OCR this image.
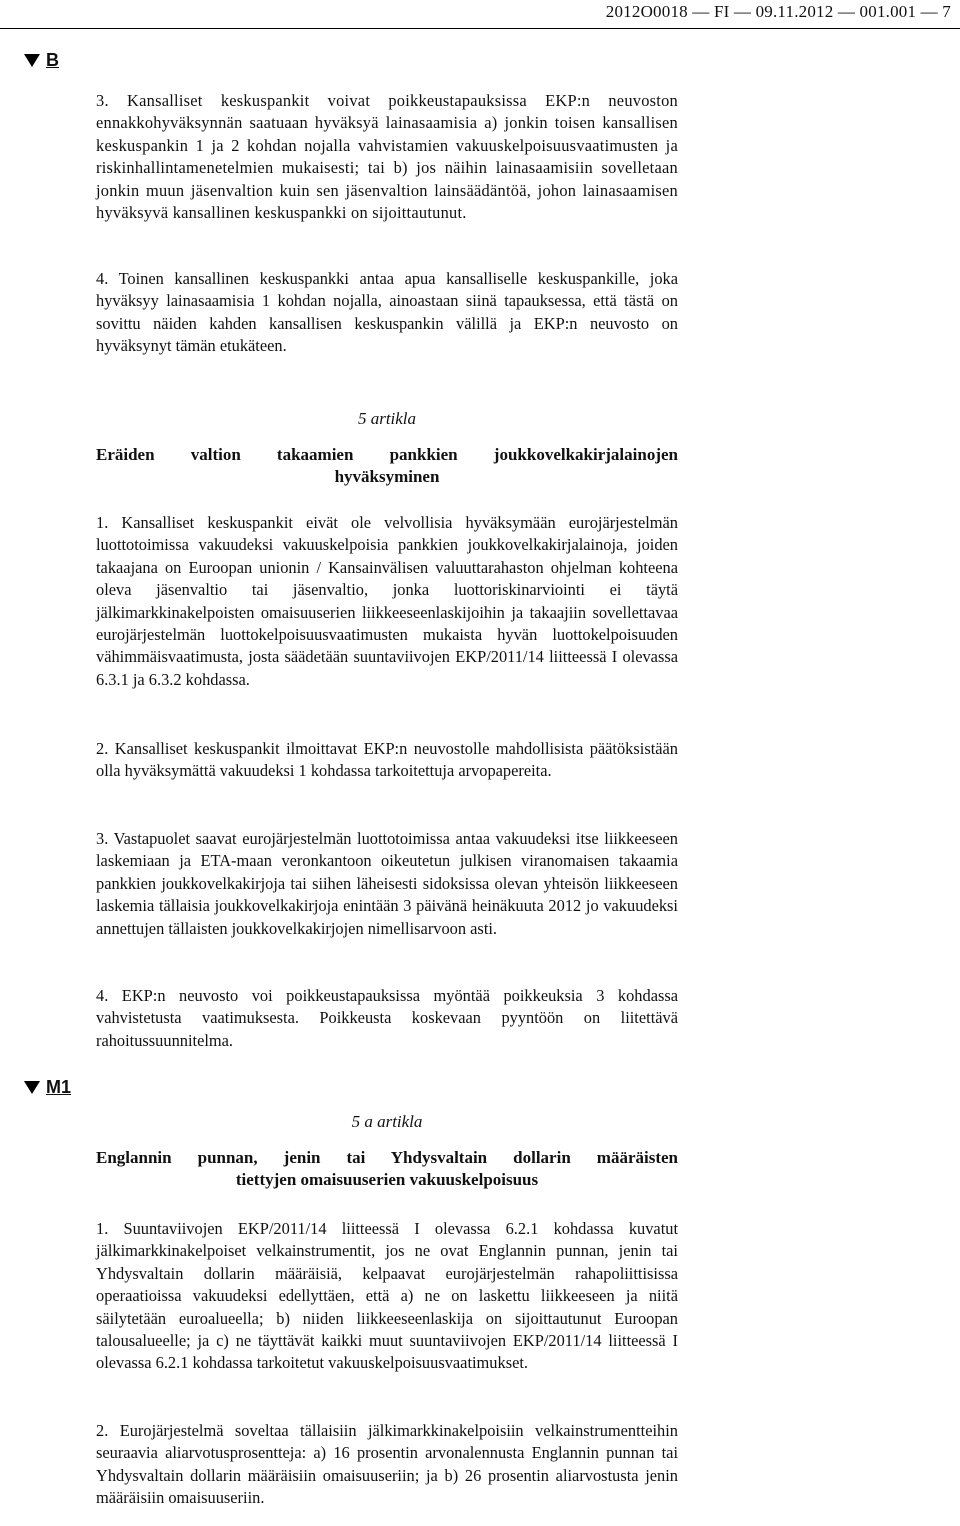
2012O0018 — FI — 09.11.2012 — 001.001 — 7
B

3. Kansalliset keskuspankit voivat poikkeustapauksissa EKP:n neuvoston ennakkohyväksynnän saatuaan hyväksyä lainasaamisia a) jonkin toisen kansallisen keskuspankin 1 ja 2 kohdan nojalla vahvistamien vakuuskelpoisuusvaatimusten ja riskinhallintamenetelmien mukaisesti; tai b) jos näihin lainasaamisiin sovelletaan jonkin muun jäsenvaltion kuin sen jäsenvaltion lainsäädäntöä, johon lainasaamisen hyväksyvä kansallinen keskuspankki on sijoittautunut.

4. Toinen kansallinen keskuspankki antaa apua kansalliselle keskuspankille, joka hyväksyy lainasaamisia 1 kohdan nojalla, ainoastaan siinä tapauksessa, että tästä on sovittu näiden kahden kansallisen keskuspankin välillä ja EKP:n neuvosto on hyväksynyt tämän etukäteen.

5 artikla
Eräiden valtion takaamien pankkien joukkovelkakirjalainojen
hyväksyminen

1. Kansalliset keskuspankit eivät ole velvollisia hyväksymään eurojärjestelmän luottotoimissa vakuudeksi vakuuskelpoisia pankkien joukkovelkakirjalainoja, joiden takaajana on Euroopan unionin / Kansainvälisen valuuttarahaston ohjelman kohteena oleva jäsenvaltio tai jäsenvaltio, jonka luottoriskinarviointi ei täytä jälkimarkkinakelpoisten omaisuuserien liikkeeseenlaskijoihin ja takaajiin sovellettavaa eurojärjestelmän luottokelpoisuusvaatimusten mukaista hyvän luottokelpoisuuden vähimmäisvaatimusta, josta säädetään suuntaviivojen EKP/2011/14 liitteessä I olevassa 6.3.1 ja 6.3.2 kohdassa.

2. Kansalliset keskuspankit ilmoittavat EKP:n neuvostolle mahdollisista päätöksistään olla hyväksymättä vakuudeksi 1 kohdassa tarkoitettuja arvopapereita.

3. Vastapuolet saavat eurojärjestelmän luottotoimissa antaa vakuudeksi itse liikkeeseen laskemiaan ja ETA-maan veronkantoon oikeutetun julkisen viranomaisen takaamia pankkien joukkovelkakirjoja tai siihen läheisesti sidoksissa olevan yhteisön liikkeeseen laskemia tällaisia joukkovelkakirjoja enintään 3 päivänä heinäkuuta 2012 jo vakuudeksi annettujen tällaisten joukkovelkakirjojen nimellisarvoon asti.

4. EKP:n neuvosto voi poikkeustapauksissa myöntää poikkeuksia 3 kohdassa vahvistetusta vaatimuksesta. Poikkeusta koskevaan pyyntöön on liitettävä rahoitussuunnitelma.

M1
5 a artikla
Englannin punnan, jenin tai Yhdysvaltain dollarin määräisten
tiettyjen omaisuuserien vakuuskelpoisuus

1. Suuntaviivojen EKP/2011/14 liitteessä I olevassa 6.2.1 kohdassa kuvatut jälkimarkkinakelpoiset velkainstrumentit, jos ne ovat Englannin punnan, jenin tai Yhdysvaltain dollarin määräisiä, kelpaavat eurojärjestelmän rahapoliittisissa operaatioissa vakuudeksi edellyttäen, että a) ne on laskettu liikkeeseen ja niitä säilytetään euroalueella; b) niiden liikkeeseenlaskija on sijoittautunut Euroopan talousalueelle; ja c) ne täyttävät kaikki muut suuntaviivojen EKP/2011/14 liitteessä I olevassa 6.2.1 kohdassa tarkoitetut vakuuskelpoisuusvaatimukset.

2. Eurojärjestelmä soveltaa tällaisiin jälkimarkkinakelpoisiin velkainstrumentteihin seuraavia aliarvotusprosentteja: a) 16 prosentin arvonalennusta Englannin punnan tai Yhdysvaltain dollarin määräisiin omaisuuseriin; ja b) 26 prosentin aliarvostusta jenin määräisiin omaisuuseriin.
